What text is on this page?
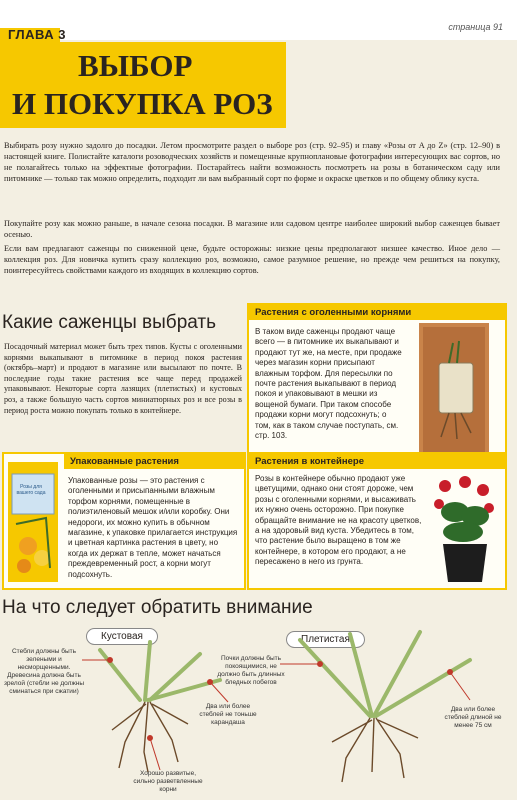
ГЛАВА 3	страница 91
ВЫБОР
И ПОКУПКА РОЗ
Выбирать розу нужно задолго до посадки. Летом просмотрите раздел о выборе роз (стр. 92–95) и главу «Розы от A до Z» (стр. 12–90) в настоящей книге. Полистайте каталоги розоводческих хозяйств и помещенные крупноплановые фотографии интересующих вас сортов, но не полагайтесь только на эффектные фотографии. Постарайтесь найти возможность посмотреть на розы в ботаническом саду или питомнике — только так можно определить, подходит ли вам выбранный сорт по форме и окраске цветков и по общему облику куста.
Покупайте розу как можно раньше, в начале сезона посадки. В магазине или садовом центре наиболее широкий выбор саженцев бывает осенью.
Если вам предлагают саженцы по сниженной цене, будьте осторожны: низкие цены предполагают низшее качество. Иное дело — коллекция роз. Для новичка купить сразу коллекцию роз, возможно, самое разумное решение, но прежде чем решиться на покупку, поинтересуйтесь свойствами каждого из входящих в коллекцию сортов.
Какие саженцы выбрать
Посадочный материал может быть трех типов. Кусты с оголенными корнями выкапывают в питомнике в период покоя растения (октябрь–март) и продают в магазине или высылают по почте. В последние годы такие растения все чаще перед продажей упаковывают. Некоторые сорта лазящих (плетистых) и кустовых роз, а также большую часть сортов миниатюрных роз и все розы в период роста можно покупать только в контейнере.
Растения с оголенными корнями
В таком виде саженцы продают чаще всего — в питомнике их выкапывают и продают тут же, на месте, при продаже через магазин корни присыпают влажным торфом. Для пересылки по почте растения выкапывают в период покоя и упаковывают в мешки из вощеной бумаги. При таком способе продажи корни могут подсохнуть; о том, как в таком случае поступать, см. стр. 103.
Упакованные растения
Розы для вашего сада
Упакованные розы — это растения с оголенными и присыпанными влажным торфом корнями, помещенные в полиэтиленовый мешок и/или коробку. Они недороги, их можно купить в обычном магазине, к упаковке прилагается инструкция и цветная картинка растения в цвету, но когда их держат в тепле, может начаться преждевременный рост, а корни могут подсохнуть.
Растения в контейнере
Розы в контейнере обычно продают уже цветущими, однако они стоят дороже, чем розы с оголенными корнями, и высаживать их нужно очень осторожно. При покупке обращайте внимание не на красоту цветков, а на здоровый вид куста. Убедитесь в том, что растение было выращено в том же контейнере, в котором его продают, а не пересажено в него из грунта.
На что следует обратить внимание
Кустовая	Плетистая
Стебли должны быть зелеными и несморщенными. Древесина должна быть зрелой (стебли не должны сминаться при сжатии)
Два или более стеблей не тоньше карандаша
Хорошо развитые, сильно разветвленные корни
Почки должны быть покоящимися, не должно быть длинных бледных побегов
Два или более стеблей длиной не менее 75 см
